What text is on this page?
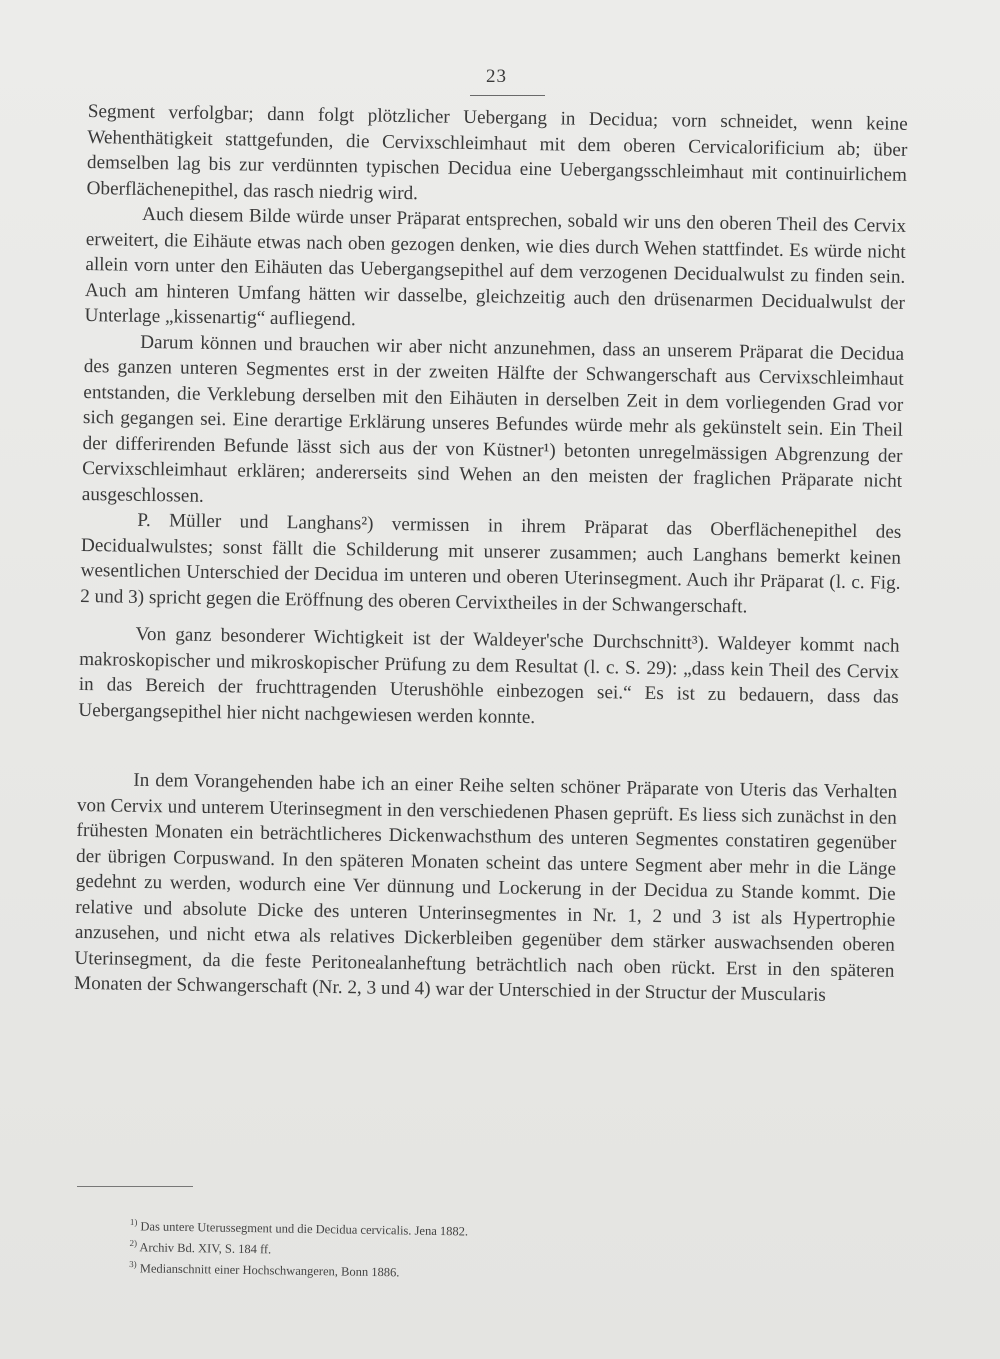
23

Segment verfolgbar; dann folgt plötzlicher Uebergang in Decidua; vorn schneidet, wenn keine Wehenthätigkeit stattgefunden, die Cervixschleimhaut mit dem oberen Cervicalorificium ab; über demselben lag bis zur verdünnten typischen Decidua eine Uebergangsschleimhaut mit continuirlichem Oberflächenepithel, das rasch niedrig wird.

Auch diesem Bilde würde unser Präparat entsprechen, sobald wir uns den oberen Theil des Cervix erweitert, die Eihäute etwas nach oben gezogen denken, wie dies durch Wehen stattfindet. Es würde nicht allein vorn unter den Eihäuten das Uebergangsepithel auf dem verzogenen Decidualwulst zu finden sein. Auch am hinteren Umfang hätten wir dasselbe, gleichzeitig auch den drüsenarmen Decidualwulst der Unterlage „kissenartig“ aufliegend.

Darum können und brauchen wir aber nicht anzunehmen, dass an unserem Präparat die Decidua des ganzen unteren Segmentes erst in der zweiten Hälfte der Schwangerschaft aus Cervixschleimhaut entstanden, die Verklebung derselben mit den Eihäuten in derselben Zeit in dem vorliegenden Grad vor sich gegangen sei. Eine derartige Erklärung unseres Befundes würde mehr als gekünstelt sein. Ein Theil der differirenden Befunde lässt sich aus der von Küstner¹) betonten unregelmässigen Abgrenzung der Cervixschleimhaut erklären; andererseits sind Wehen an den meisten der fraglichen Präparate nicht ausgeschlossen.

P. Müller und Langhans²) vermissen in ihrem Präparat das Oberflächenepithel des Decidualwulstes; sonst fällt die Schilderung mit unserer zusammen; auch Langhans bemerkt keinen wesentlichen Unterschied der Decidua im unteren und oberen Uterinsegment. Auch ihr Präparat (l. c. Fig. 2 und 3) spricht gegen die Eröffnung des oberen Cervixtheiles in der Schwangerschaft.

Von ganz besonderer Wichtigkeit ist der Waldeyer'sche Durchschnitt³). Waldeyer kommt nach makroskopischer und mikroskopischer Prüfung zu dem Resultat (l. c. S. 29): „dass kein Theil des Cervix in das Bereich der fruchttragenden Uterushöhle einbezogen sei.“ Es ist zu bedauern, dass das Uebergangsepithel hier nicht nachgewiesen werden konnte.

In dem Vorangehenden habe ich an einer Reihe selten schöner Präparate von Uteris das Verhalten von Cervix und unterem Uterinsegment in den verschiedenen Phasen geprüft. Es liess sich zunächst in den frühesten Monaten ein beträchtlicheres Dickenwachsthum des unteren Segmentes constatiren gegenüber der übrigen Corpuswand. In den späteren Monaten scheint das untere Segment aber mehr in die Länge gedehnt zu werden, wodurch eine Ver dünnung und Lockerung in der Decidua zu Stande kommt. Die relative und absolute Dicke des unteren Unterinsegmentes in Nr. 1, 2 und 3 ist als Hypertrophie anzusehen, und nicht etwa als relatives Dickerbleiben gegenüber dem stärker auswachsenden oberen Uterinsegment, da die feste Peritonealanheftung beträchtlich nach oben rückt. Erst in den späteren Monaten der Schwangerschaft (Nr. 2, 3 und 4) war der Unterschied in der Structur der Muscularis

$^{1)}$ Das untere Uterussegment und die Decidua cervicalis. Jena 1882.

$^{2)}$ Archiv Bd. XIV, S. 184 ff.

$^{3)}$ Medianschnitt einer Hochschwangeren, Bonn 1886.
